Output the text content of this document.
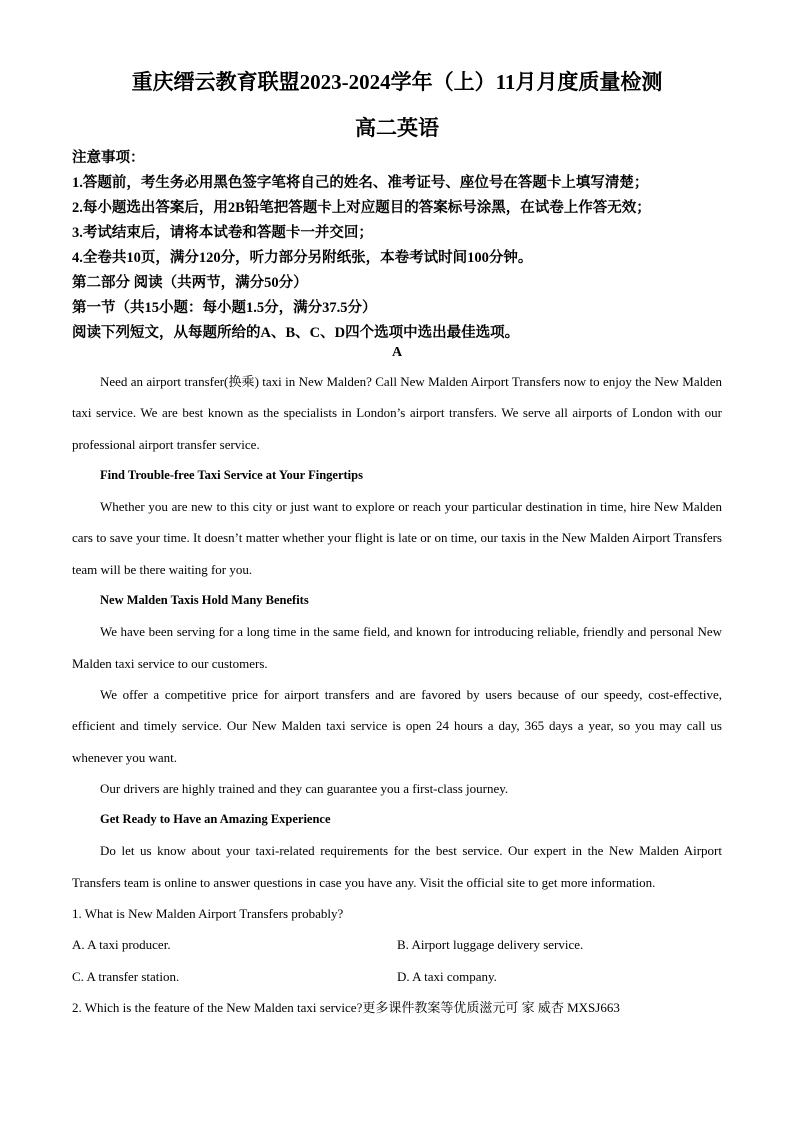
重庆缙云教育联盟2023-2024学年（上）11月月度质量检测
高二英语
注意事项：
1.答题前，考生务必用黑色签字笔将自己的姓名、准考证号、座位号在答题卡上填写清楚；
2.每小题选出答案后，用2B铅笔把答题卡上对应题目的答案标号涂黑，在试卷上作答无效；
3.考试结束后，请将本试卷和答题卡一并交回；
4.全卷共10页，满分120分，听力部分另附纸张，本卷考试时间100分钟。
第二部分 阅读（共两节，满分50分）
第一节（共15小题：每小题1.5分，满分37.5分）
阅读下列短文，从每题所给的A、B、C、D四个选项中选出最佳选项。
A

Need an airport transfer(换乘) taxi in New Malden? Call New Malden Airport Transfers now to enjoy the New Malden taxi service. We are best known as the specialists in London’s airport transfers. We serve all airports of London with our professional airport transfer service.

Find Trouble-free Taxi Service at Your Fingertips

Whether you are new to this city or just want to explore or reach your particular destination in time, hire New Malden cars to save your time. It doesn’t matter whether your flight is late or on time, our taxis in the New Malden Airport Transfers team will be there waiting for you.

New Malden Taxis Hold Many Benefits

We have been serving for a long time in the same field, and known for introducing reliable, friendly and personal New Malden taxi service to our customers.

We offer a competitive price for airport transfers and are favored by users because of our speedy, cost-effective, efficient and timely service. Our New Malden taxi service is open 24 hours a day, 365 days a year, so you may call us whenever you want.

Our drivers are highly trained and they can guarantee you a first-class journey.

Get Ready to Have an Amazing Experience

Do let us know about your taxi-related requirements for the best service. Our expert in the New Malden Airport Transfers team is online to answer questions in case you have any. Visit the official site to get more information.

1. What is New Malden Airport Transfers probably?
A. A taxi producer.	B. Airport luggage delivery service.
C. A transfer station.	D. A taxi company.
2. Which is the feature of the New Malden taxi service?更多课件教案等优质滋元可 家 威杏 MXSJ663
